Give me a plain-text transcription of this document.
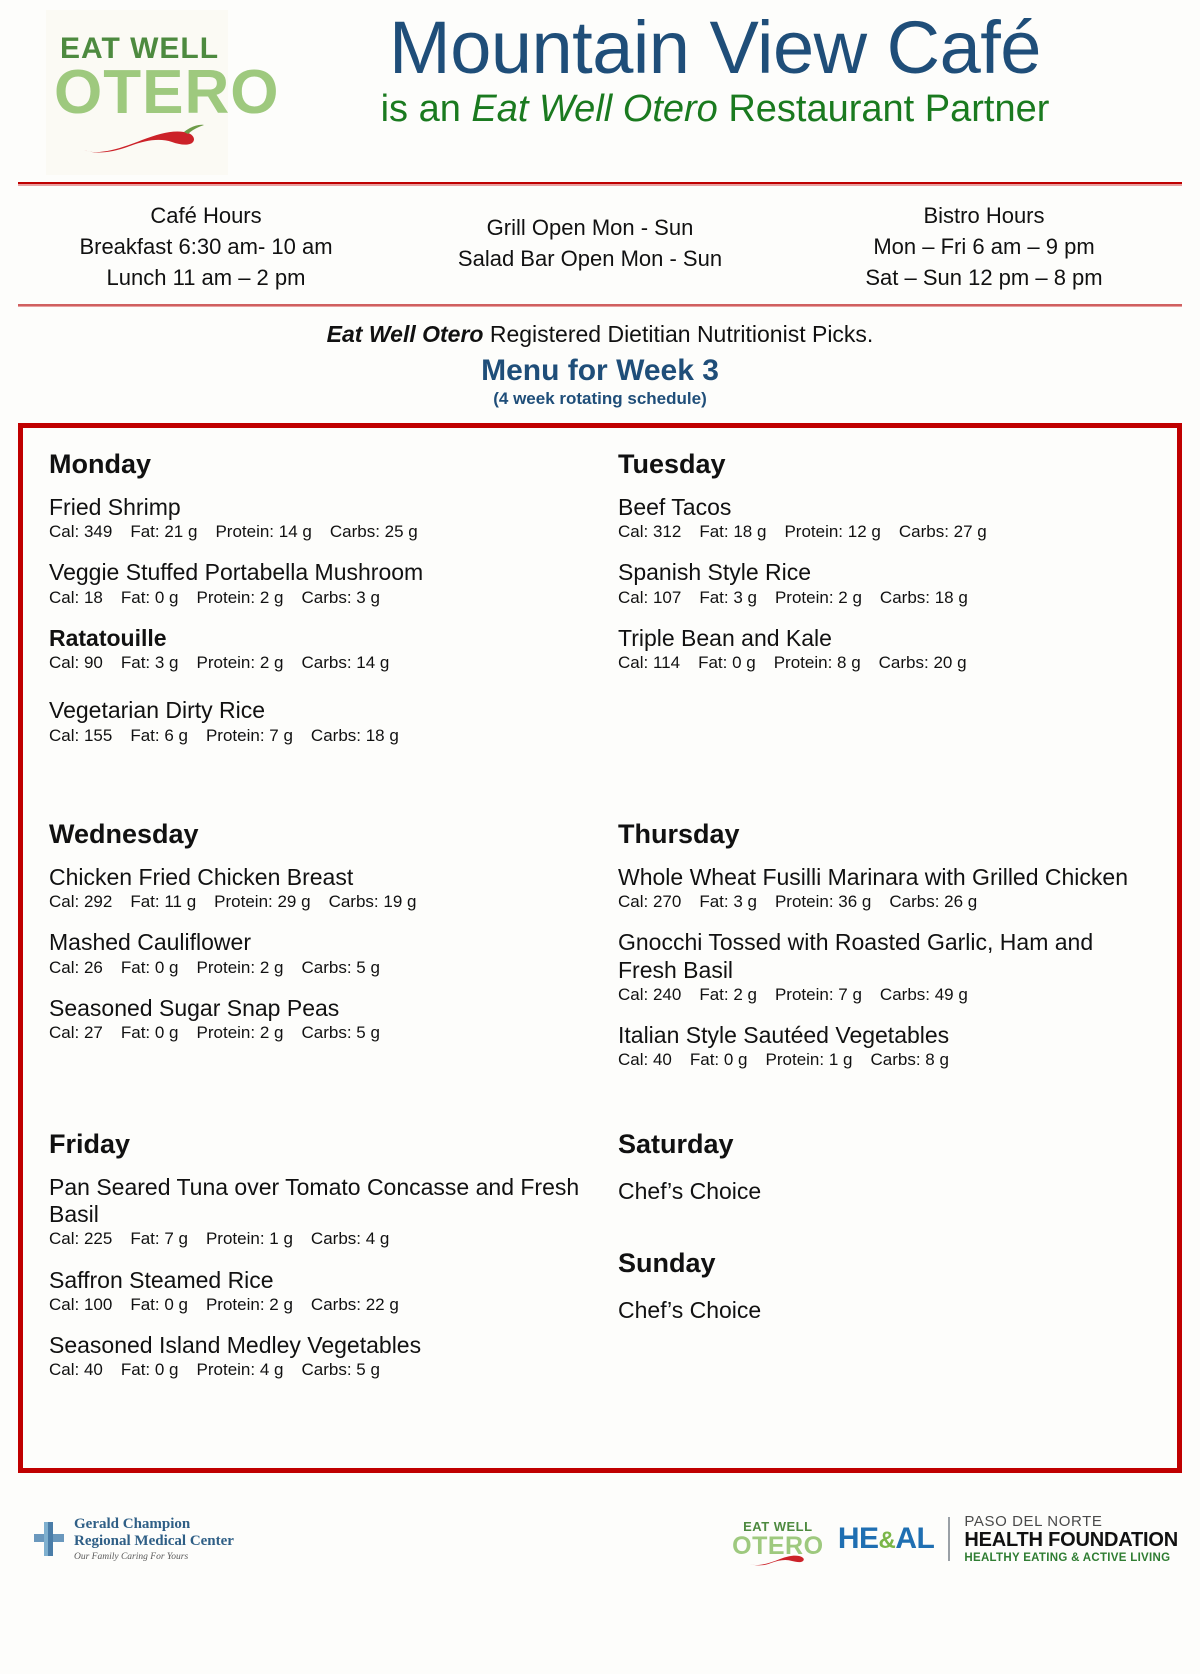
EAT WELL
OTERO
Mountain View Café
is an Eat Well Otero Restaurant Partner
Café Hours
Breakfast 6:30 am- 10 am
Lunch 11 am – 2 pm
Grill Open Mon - Sun
Salad Bar Open Mon - Sun
Bistro Hours
Mon – Fri 6 am – 9 pm
Sat – Sun 12 pm – 8 pm
Eat Well Otero Registered Dietitian Nutritionist Picks.
Menu for Week 3
(4 week rotating schedule)
Monday
Fried Shrimp
Cal: 349 Fat: 21 g Protein: 14 g Carbs: 25 g
Veggie Stuffed Portabella Mushroom
Cal: 18 Fat: 0 g Protein: 2 g Carbs: 3 g
Ratatouille
Cal: 90 Fat: 3 g Protein: 2 g Carbs: 14 g
Vegetarian Dirty Rice
Cal: 155 Fat: 6 g Protein: 7 g Carbs: 18 g
Tuesday
Beef Tacos
Cal: 312 Fat: 18 g Protein: 12 g Carbs: 27 g
Spanish Style Rice
Cal: 107 Fat: 3 g Protein: 2 g Carbs: 18 g
Triple Bean and Kale
Cal: 114 Fat: 0 g Protein: 8 g Carbs: 20 g
Wednesday
Chicken Fried Chicken Breast
Cal: 292 Fat: 11 g Protein: 29 g Carbs: 19 g
Mashed Cauliflower
Cal: 26 Fat: 0 g Protein: 2 g Carbs: 5 g
Seasoned Sugar Snap Peas
Cal: 27 Fat: 0 g Protein: 2 g Carbs: 5 g
Thursday
Whole Wheat Fusilli Marinara with Grilled Chicken
Cal: 270 Fat: 3 g Protein: 36 g Carbs: 26 g
Gnocchi Tossed with Roasted Garlic, Ham and Fresh Basil
Cal: 240 Fat: 2 g Protein: 7 g Carbs: 49 g
Italian Style Sautéed Vegetables
Cal: 40 Fat: 0 g Protein: 1 g Carbs: 8 g
Friday
Pan Seared Tuna over Tomato Concasse and Fresh Basil
Cal: 225 Fat: 7 g Protein: 1 g Carbs: 4 g
Saffron Steamed Rice
Cal: 100 Fat: 0 g Protein: 2 g Carbs: 22 g
Seasoned Island Medley Vegetables
Cal: 40 Fat: 0 g Protein: 4 g Carbs: 5 g
Saturday
Chef’s Choice
Sunday
Chef’s Choice
Gerald Champion
Regional Medical Center
Our Family Caring For Yours
EAT WELL
OTERO HE&AL
PASO DEL NORTE
HEALTH FOUNDATION
HEALTHY EATING & ACTIVE LIVING
